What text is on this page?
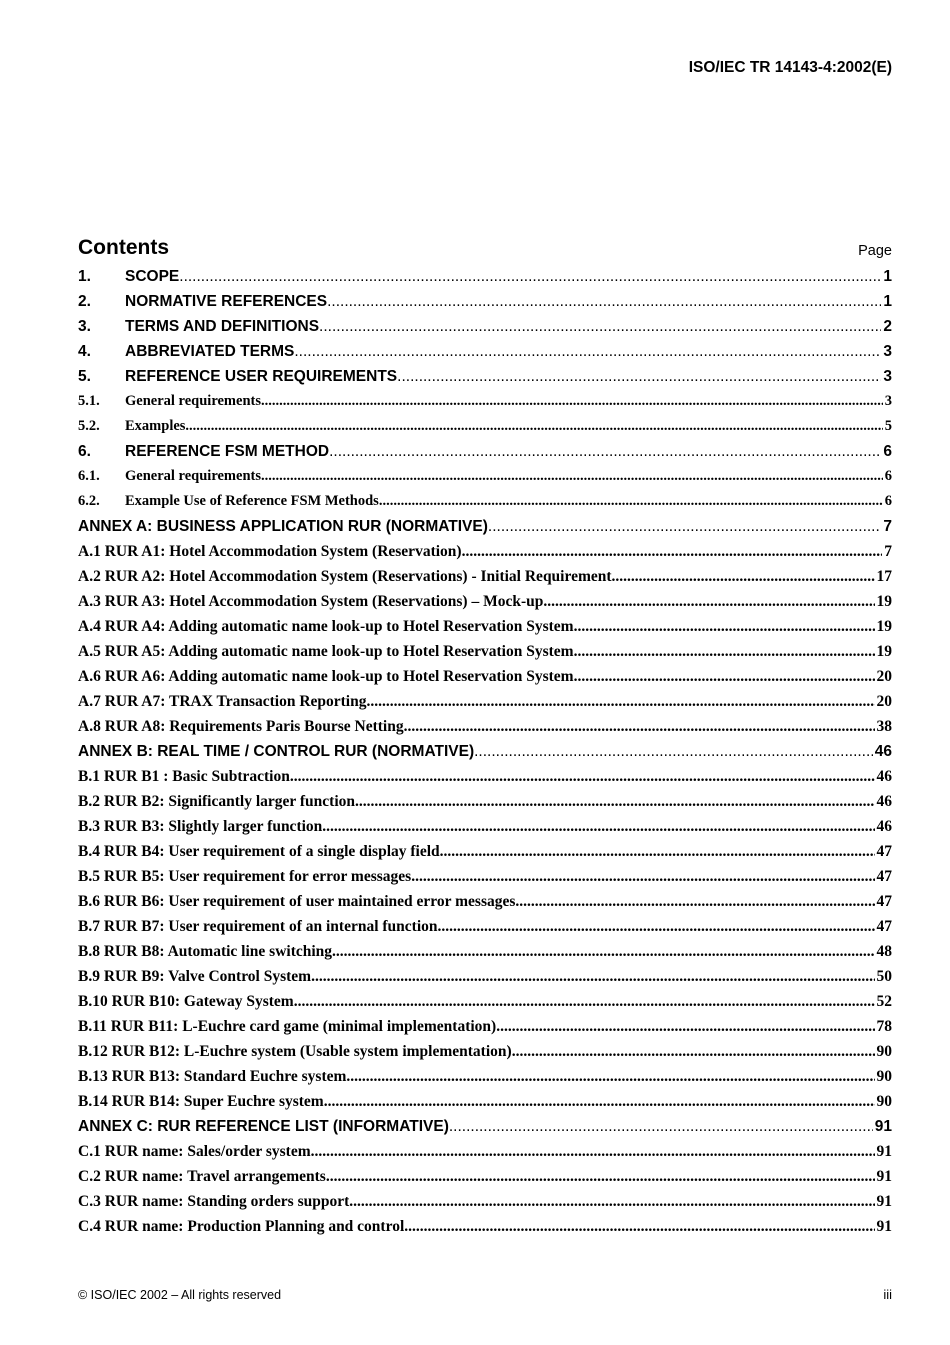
ISO/IEC TR 14143-4:2002(E)
Contents	Page
1.	SCOPE .....	1
2.	NORMATIVE REFERENCES .....	1
3.	TERMS AND DEFINITIONS .....	2
4.	ABBREVIATED TERMS .....	3
5.	REFERENCE USER REQUIREMENTS .....	3
5.1.	General requirements .....	3
5.2.	Examples .....	5
6.	REFERENCE FSM METHOD .....	6
6.1.	General requirements .....	6
6.2.	Example Use of Reference FSM Methods .....	6
ANNEX A: BUSINESS APPLICATION RUR (NORMATIVE) .....	7
A.1 RUR A1: Hotel Accommodation System (Reservation) .....	7
A.2 RUR A2: Hotel Accommodation System (Reservations) - Initial Requirement .....	17
A.3 RUR A3: Hotel Accommodation System (Reservations) – Mock-up .....	19
A.4 RUR A4: Adding automatic name look-up to Hotel Reservation System .....	19
A.5 RUR A5: Adding automatic name look-up to Hotel Reservation System .....	19
A.6 RUR A6: Adding automatic name look-up to Hotel Reservation System .....	20
A.7 RUR A7: TRAX Transaction Reporting .....	20
A.8 RUR A8: Requirements Paris Bourse Netting .....	38
ANNEX B: REAL TIME / CONTROL RUR (NORMATIVE) .....	46
B.1 RUR B1 : Basic Subtraction .....	46
B.2 RUR B2: Significantly larger function .....	46
B.3 RUR B3: Slightly larger function .....	46
B.4 RUR B4: User requirement of a single display field .....	47
B.5 RUR B5: User requirement for error messages .....	47
B.6 RUR B6: User requirement of user maintained error messages .....	47
B.7 RUR B7: User requirement of an internal function .....	47
B.8 RUR B8: Automatic line switching .....	48
B.9 RUR B9: Valve Control System .....	50
B.10 RUR B10: Gateway System .....	52
B.11 RUR B11: L-Euchre card game (minimal implementation) .....	78
B.12 RUR B12: L-Euchre system (Usable system implementation) .....	90
B.13 RUR B13: Standard Euchre system .....	90
B.14 RUR B14: Super Euchre system .....	90
ANNEX C: RUR REFERENCE LIST (INFORMATIVE) .....	91
C.1 RUR name: Sales/order system .....	91
C.2 RUR name: Travel arrangements .....	91
C.3 RUR name: Standing orders support .....	91
C.4 RUR name: Production Planning and control .....	91
© ISO/IEC 2002 – All rights reserved	iii
